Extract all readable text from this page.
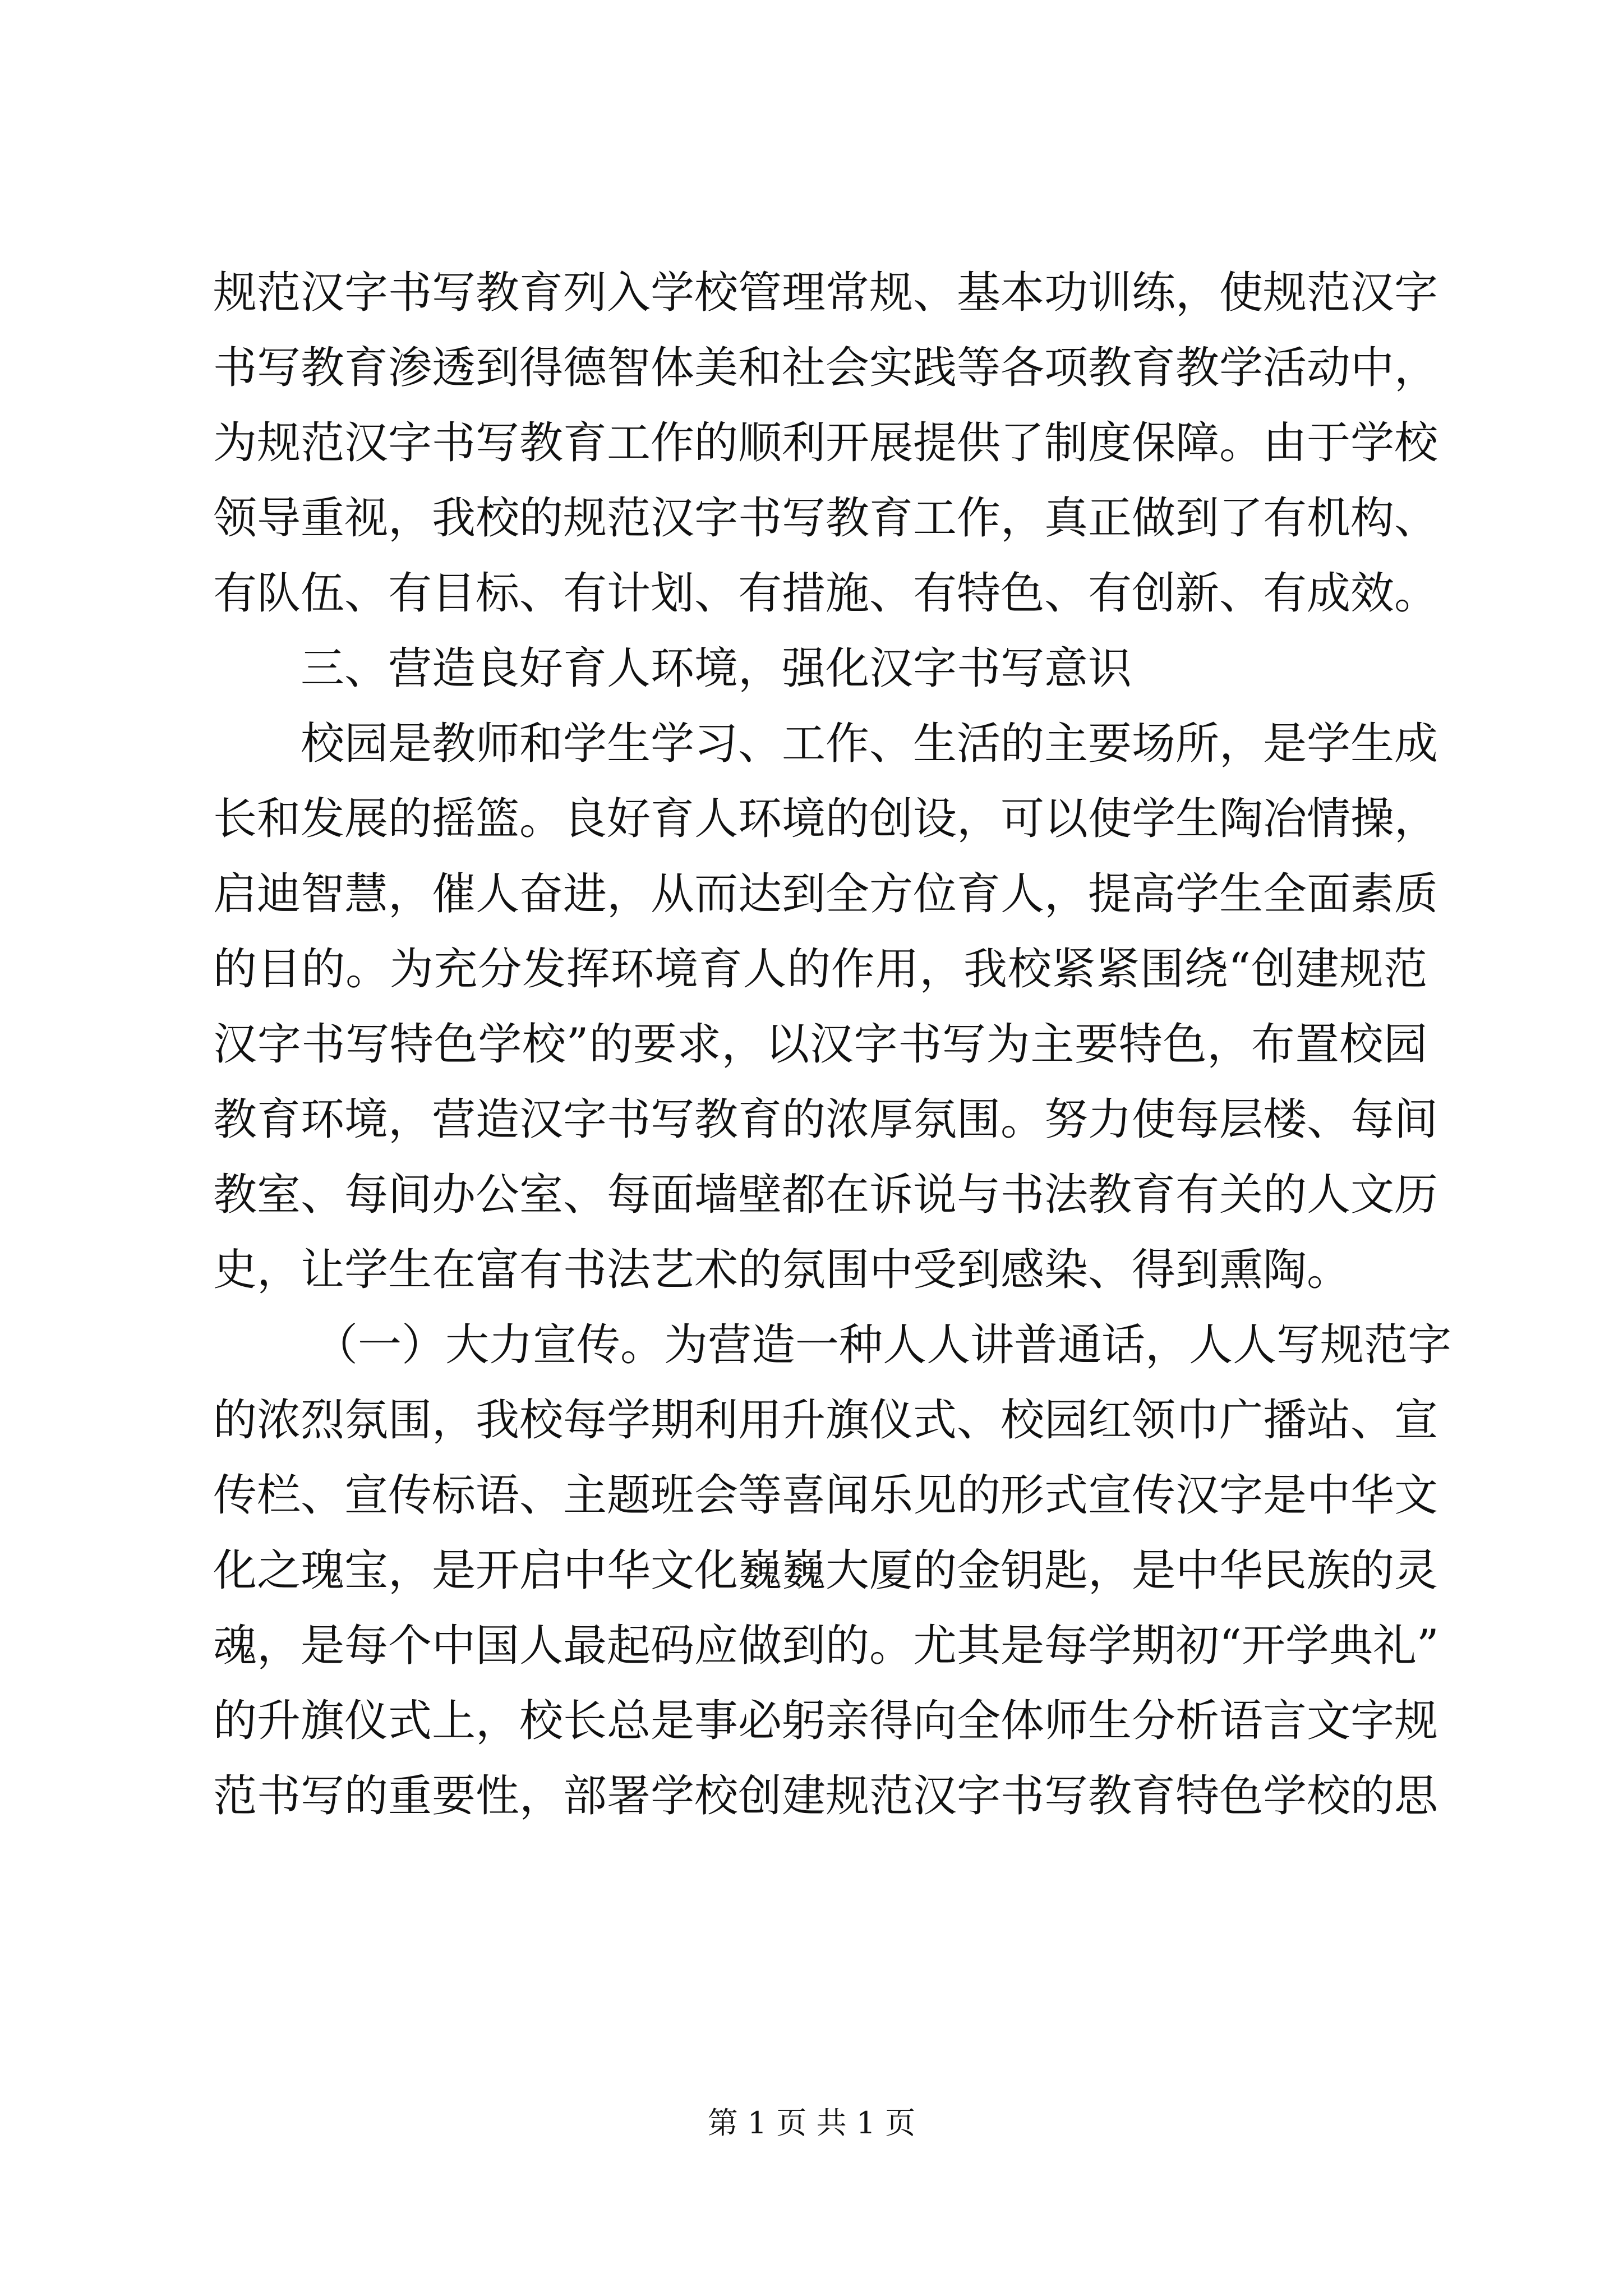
规范汉字书写教育列入学校管理常规、基本功训练，使规范汉字
书写教育渗透到得德智体美和社会实践等各项教育教学活动中，
为规范汉字书写教育工作的顺利开展提供了制度保障。由于学校
领导重视，我校的规范汉字书写教育工作，真正做到了有机构、
有队伍、有目标、有计划、有措施、有特色、有创新、有成效。
三、营造良好育人环境，强化汉字书写意识
校园是教师和学生学习、工作、生活的主要场所，是学生成
长和发展的摇篮。良好育人环境的创设，可以使学生陶冶情操，
启迪智慧，催人奋进，从而达到全方位育人，提高学生全面素质
的目的。为充分发挥环境育人的作用，我校紧紧围绕“创建规范
汉字书写特色学校”的要求，以汉字书写为主要特色，布置校园
教育环境，营造汉字书写教育的浓厚氛围。努力使每层楼、每间
教室、每间办公室、每面墙壁都在诉说与书法教育有关的人文历
史，让学生在富有书法艺术的氛围中受到感染、得到熏陶。
（一）大力宣传。为营造一种人人讲普通话，人人写规范字
的浓烈氛围，我校每学期利用升旗仪式、校园红领巾广播站、宣
传栏、宣传标语、主题班会等喜闻乐见的形式宣传汉字是中华文
化之瑰宝，是开启中华文化巍巍大厦的金钥匙，是中华民族的灵
魂，是每个中国人最起码应做到的。尤其是每学期初“开学典礼”
的升旗仪式上，校长总是事必躬亲得向全体师生分析语言文字规
范书写的重要性，部署学校创建规范汉字书写教育特色学校的思
第 1 页 共 1 页
